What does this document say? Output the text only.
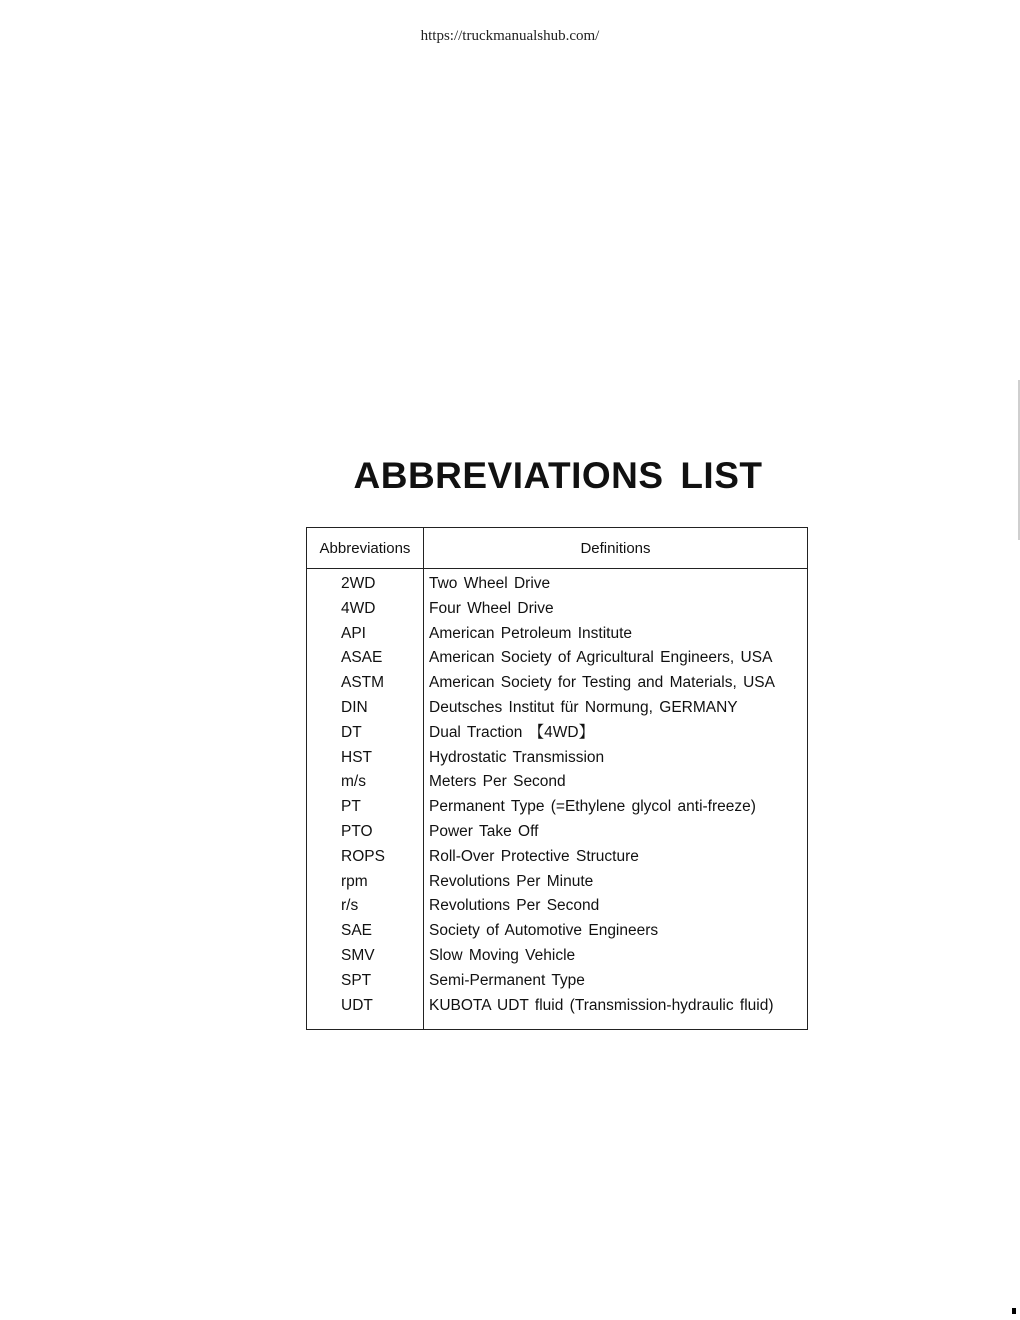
https://truckmanualshub.com/
ABBREVIATIONS LIST
Abbreviations	Definitions
2WD	Two Wheel Drive
4WD	Four Wheel Drive
API	American Petroleum Institute
ASAE	American Society of Agricultural Engineers, USA
ASTM	American Society for Testing and Materials, USA
DIN	Deutsches Institut für Normung, GERMANY
DT	Dual Traction 【4WD】
HST	Hydrostatic Transmission
m/s	Meters Per Second
PT	Permanent Type (=Ethylene glycol anti-freeze)
PTO	Power Take Off
ROPS	Roll-Over Protective Structure
rpm	Revolutions Per Minute
r/s	Revolutions Per Second
SAE	Society of Automotive Engineers
SMV	Slow Moving Vehicle
SPT	Semi-Permanent Type
UDT	KUBOTA UDT fluid (Transmission-hydraulic fluid)
